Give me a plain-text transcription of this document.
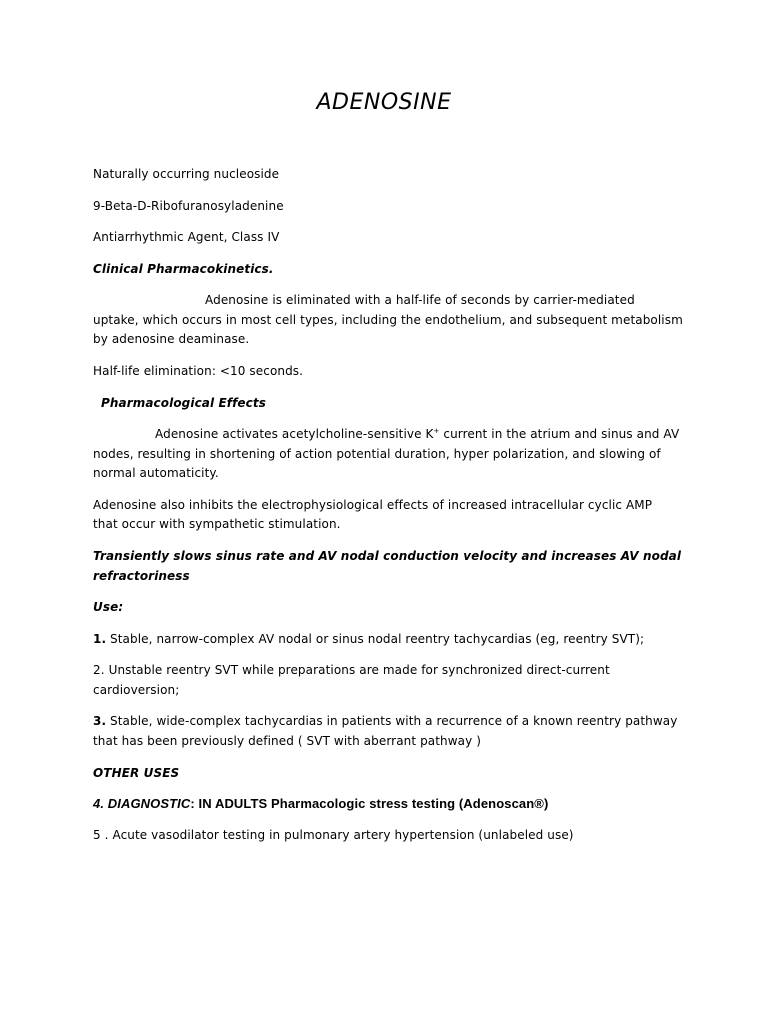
ADENOSINE

Naturally occurring nucleoside

9-Beta-D-Ribofuranosyladenine

Antiarrhythmic Agent, Class IV

Clinical Pharmacokinetics.

Adenosine is eliminated with a half-life of seconds by carrier-mediated

uptake, which occurs in most cell types, including the endothelium, and subsequent metabolism

by adenosine deaminase.

Half-life elimination: <10 seconds.

Pharmacological Effects

Adenosine activates acetylcholine-sensitive K+ current in the atrium and sinus and AV

nodes, resulting in shortening of action potential duration, hyper polarization, and slowing of

normal automaticity.

Adenosine also inhibits the electrophysiological effects of increased intracellular cyclic AMP

that occur with sympathetic stimulation.

Transiently slows sinus rate and AV nodal conduction velocity and increases AV nodal

refractoriness

Use:

1. Stable, narrow-complex AV nodal or sinus nodal reentry tachycardias (eg, reentry SVT);

2. Unstable reentry SVT while preparations are made for synchronized direct-current

cardioversion;

3. Stable, wide-complex tachycardias in patients with a recurrence of a known reentry pathway

that has been previously defined ( SVT with aberrant pathway )

OTHER USES

4. DIAGNOSTIC: IN ADULTS Pharmacologic stress testing (Adenoscan®)

5 . Acute vasodilator testing in pulmonary artery hypertension (unlabeled use)
